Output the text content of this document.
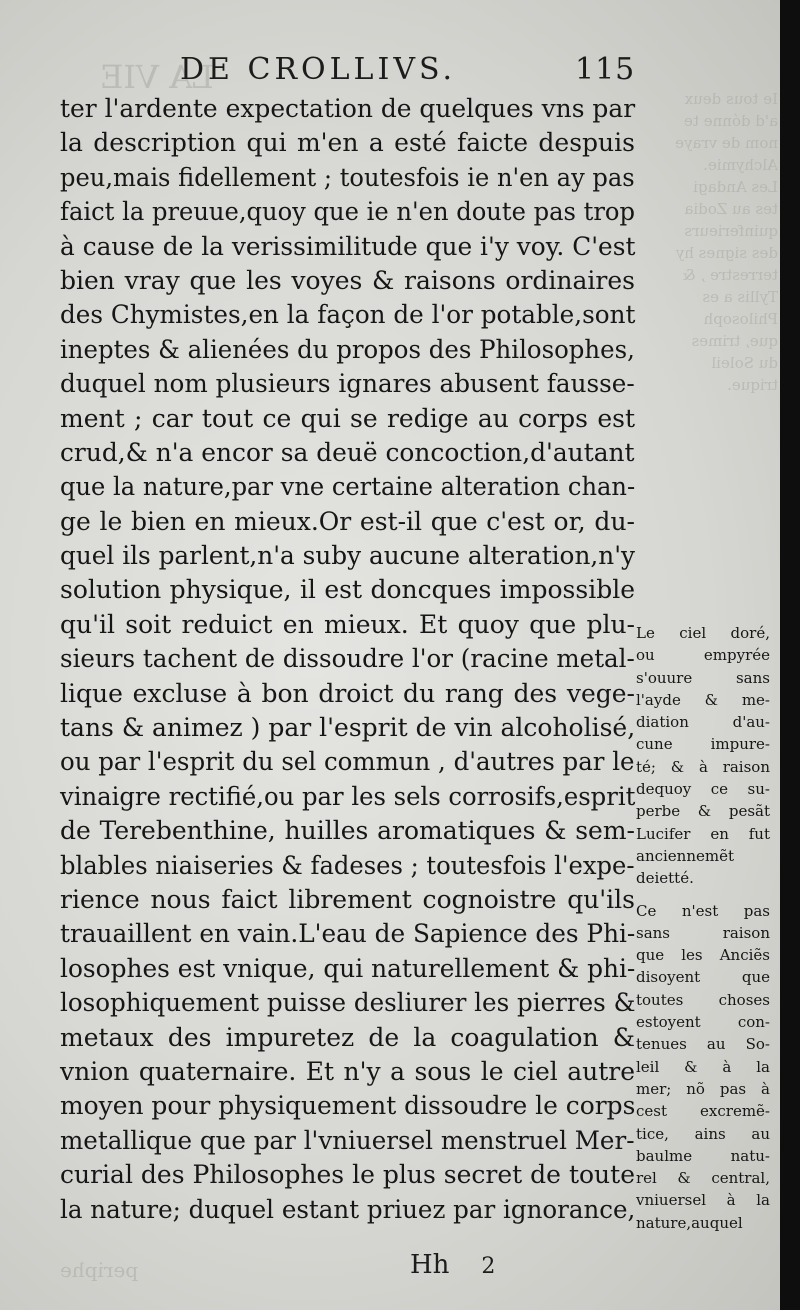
Ie tous deux
a'd dónne te
nom de vraye
Alchymie.
Les Andagi
tes au Zodia
quinferieurs
des signes hy
terrestre , &
Tyllis a es
Philosoph
que, trimes
du Soleil
trique.
LA VIE
periphe
DE CROLLIVS.	115
ter l'ardente expectation de quelques vns par
la description qui m'en a esté faicte despuis
peu,mais fidellement ; toutesfois ie n'en ay pas
faict la preuue,quoy que ie n'en doute pas trop
à cause de la verissimilitude que i'y voy. C'est
bien vray que les voyes & raisons ordinaires
des Chymistes,en la façon de l'or potable,sont
ineptes & alienées du propos des Philosophes,
duquel nom plusieurs ignares abusent fausse-
ment ; car tout ce qui se redige au corps est
crud,& n'a encor sa deuë concoction,d'autant
que la nature,par vne certaine alteration chan-
ge le bien en mieux.Or est-il que c'est or, du-
quel ils parlent,n'a suby aucune alteration,n'y
solution physique, il est doncques impossible
qu'il soit reduict en mieux. Et quoy que plu-
sieurs tachent de dissoudre l'or (racine metal-
lique excluse à bon droict du rang des vege-
tans & animez ) par l'esprit de vin alcoholisé,
ou par l'esprit du sel commun , d'autres par le
vinaigre rectifié,ou par les sels corrosifs,esprit
de Terebenthine, huilles aromatiques & sem-
blables niaiseries & fadeses ; toutesfois l'expe-
rience nous faict librement cognoistre qu'ils
trauaillent en vain.L'eau de Sapience des Phi-
losophes est vnique, qui naturellement & phi-
losophiquement puisse desliurer les pierres &
metaux des impuretez de la coagulation &
vnion quaternaire. Et n'y a sous le ciel autre
moyen pour physiquement dissoudre le corps
metallique que par l'vniuersel menstruel Mer-
curial des Philosophes le plus secret de toute
la nature; duquel estant priuez par ignorance,
Le ciel doré,
ou empyrée
s'ouure sans
l'ayde & me-
diation d'au-
cune impure-
té; & à raison
dequoy ce su-
perbe & pesãt
Lucifer en fut
anciennemẽt
deietté.
Ce n'est pas
sans raison
que les Anciẽs
disoyent que
toutes choses
estoyent con-
tenues au So-
leil & à la
mer; nõ pas à
cest excremẽ-
tice, ains au
baulme natu-
rel & central,
vniuersel à la
nature,auquel
Hh 2
